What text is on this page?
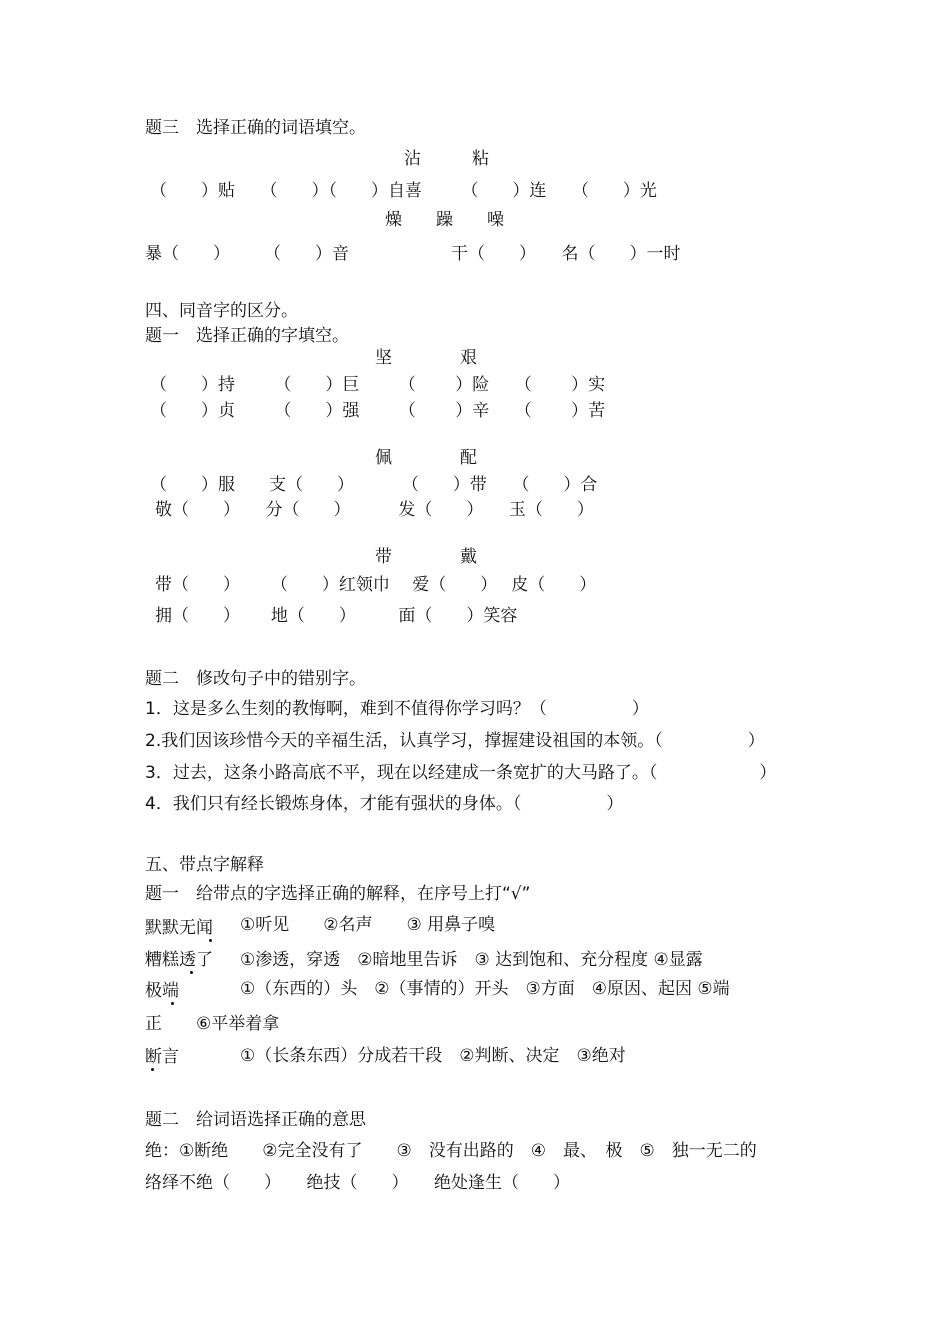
题三　选择正确的词语填空。
沾　　　粘
（　　）贴　　（　　）（　　）自喜　　 （　　）连　　（　　）光
燥　　躁　　噪
暴（　　）　　　（　　）音　　　　　　干（　　）　　名（　　）一时
四、同音字的区分。
题一　选择正确的字填空。
坚　　　　艰
（　　）持　　 （　　）巨　　 （　　 ）险　　（　　 ）实
（　　）贞　　 （　　）强　　 （　　 ）辛　　（　　 ）苦
佩　　　　配
（　　）服　　支（　　）　　　 （　　）带　　（　　）合
敬（　　）　　分（　　）　　　 发（　　）　　玉（　　）
带　　　　戴
带（　　）　　 （　　）红领巾　 爱（　　）　 皮（　　）
拥（　　）　　 地（　　）　　　面（　　）笑容
题二　修改句子中的错别字。
1．这是多么生刻的教悔啊，难到不值得你学习吗？（　　　　　）
2.我们因该珍惜今天的辛福生活，认真学习，撑握建设祖国的本领。（　　　　　）
3．过去，这条小路高底不平，现在以经建成一条宽扩的大马路了。（　　　　　　）
4．我们只有经长锻炼身体，才能有强状的身体。（　　　　　）
五、带点字解释
题一　给带点的字选择正确的解释，在序号上打“√”
默默无闻 ①听见　　②名声　　③ 用鼻子嗅
糟糕透了 ①渗透，穿透　②暗地里告诉　③ 达到饱和、充分程度 ④显露
极端	①（东西的）头　②（事情的）开头　③方面　④原因、起因 ⑤端
正　　⑥平举着拿
断言	①（长条东西）分成若干段　②判断、决定　③绝对
题二　给词语选择正确的意思
绝：①断绝　　②完全没有了　　③　没有出路的　④　最、　极　⑤　独一无二的
络绎不绝（　　）　　绝技（　　）　　绝处逢生（　　）
